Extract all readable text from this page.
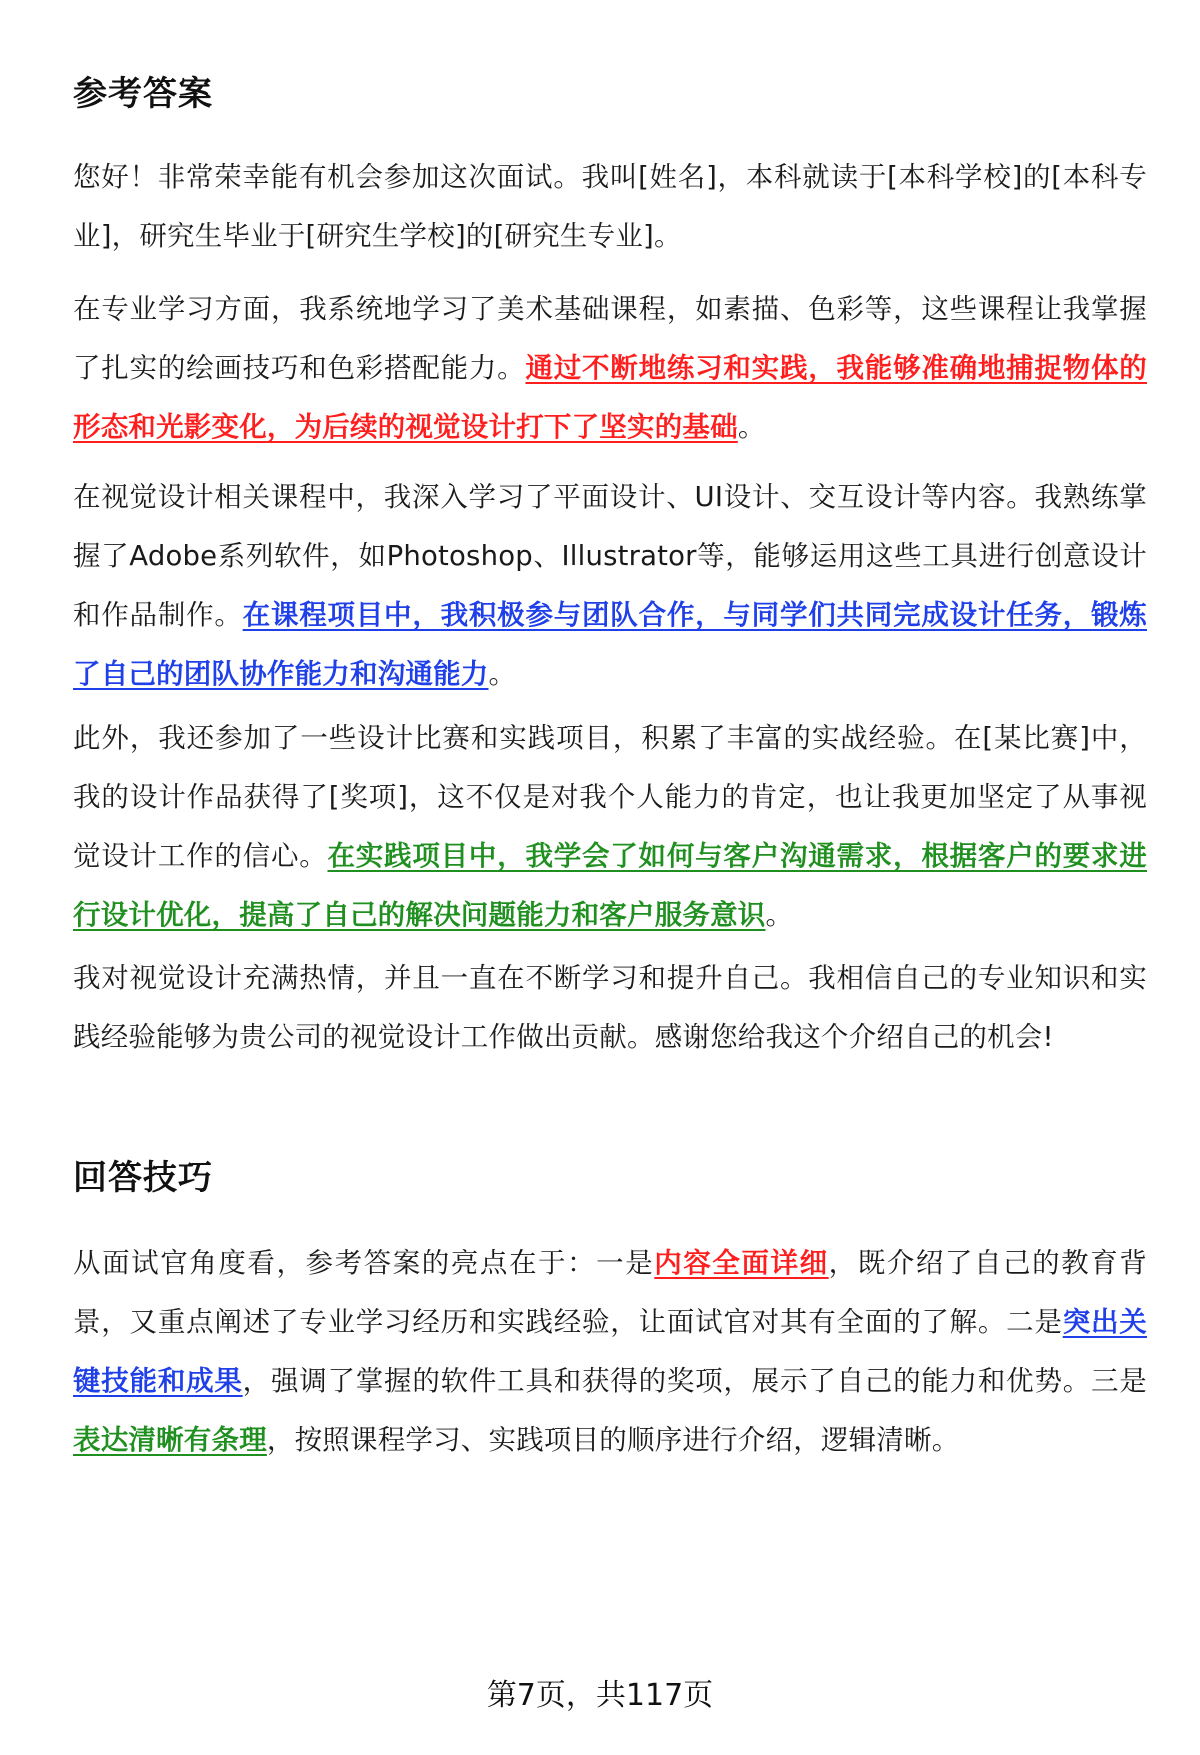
参考答案

您好！非常荣幸能有机会参加这次面试。我叫[姓名]，本科就读于[本科学校]的[本科专业]，研究生毕业于[研究生学校]的[研究生专业]。

在专业学习方面，我系统地学习了美术基础课程，如素描、色彩等，这些课程让我掌握了扎实的绘画技巧和色彩搭配能力。通过不断地练习和实践，我能够准确地捕捉物体的形态和光影变化，为后续的视觉设计打下了坚实的基础。

在视觉设计相关课程中，我深入学习了平面设计、UI设计、交互设计等内容。我熟练掌握了Adobe系列软件，如Photoshop、Illustrator等，能够运用这些工具进行创意设计和作品制作。在课程项目中，我积极参与团队合作，与同学们共同完成设计任务，锻炼了自己的团队协作能力和沟通能力。

此外，我还参加了一些设计比赛和实践项目，积累了丰富的实战经验。在[某比赛]中，我的设计作品获得了[奖项]，这不仅是对我个人能力的肯定，也让我更加坚定了从事视觉设计工作的信心。在实践项目中，我学会了如何与客户沟通需求，根据客户的要求进行设计优化，提高了自己的解决问题能力和客户服务意识。

我对视觉设计充满热情，并且一直在不断学习和提升自己。我相信自己的专业知识和实践经验能够为贵公司的视觉设计工作做出贡献。感谢您给我这个介绍自己的机会!

回答技巧

从面试官角度看，参考答案的亮点在于：一是内容全面详细，既介绍了自己的教育背景，又重点阐述了专业学习经历和实践经验，让面试官对其有全面的了解。二是突出关键技能和成果，强调了掌握的软件工具和获得的奖项，展示了自己的能力和优势。三是表达清晰有条理，按照课程学习、实践项目的顺序进行介绍，逻辑清晰。

第7页，共117页
